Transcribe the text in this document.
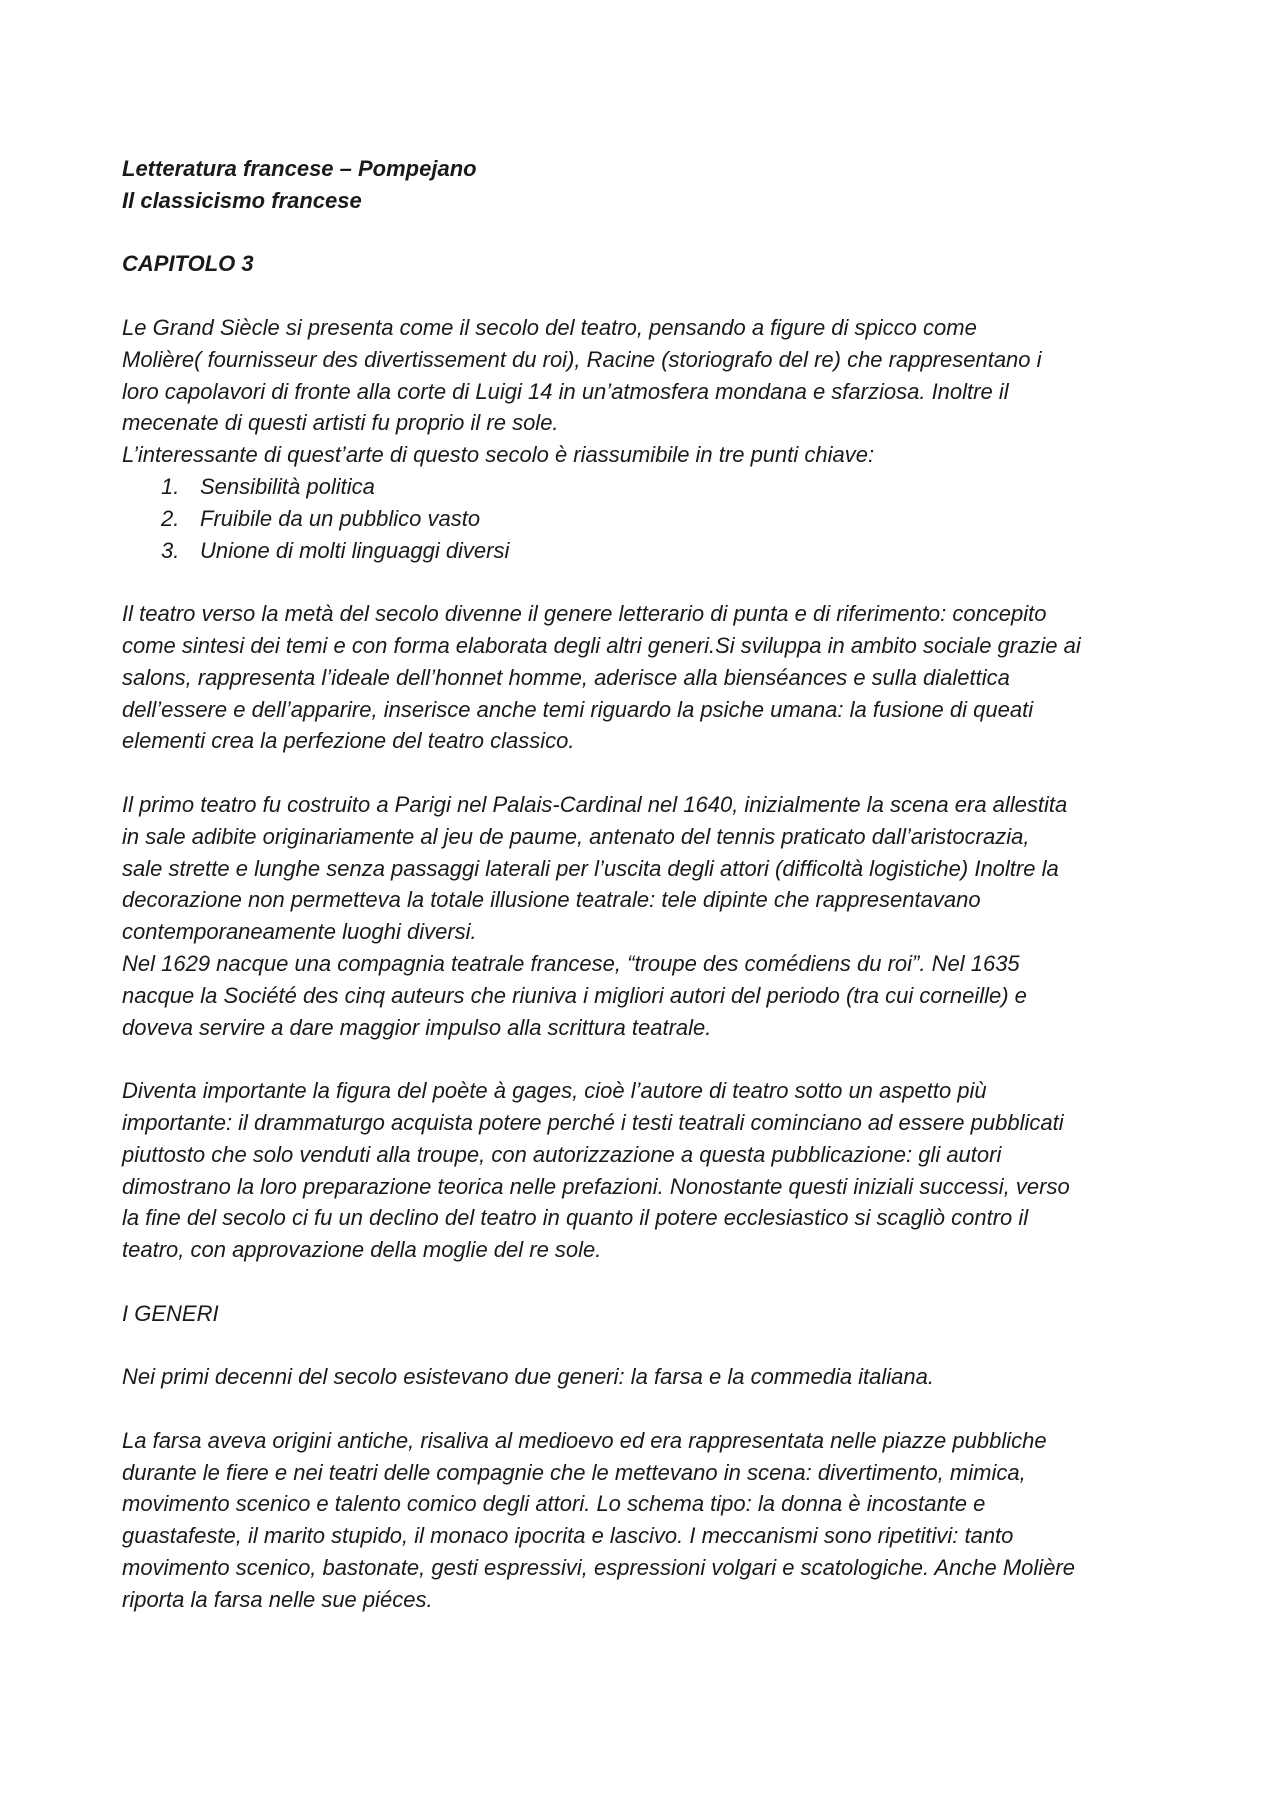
Letteratura francese – Pompejano
Il classicismo francese
CAPITOLO 3
Le Grand Siècle si presenta come il secolo del teatro, pensando a figure di spicco come
Molière( fournisseur des divertissement du roi), Racine (storiografo del re) che rappresentano i
loro capolavori di fronte alla corte di Luigi 14 in un’atmosfera mondana e sfarziosa. Inoltre il
mecenate di questi artisti fu proprio il re sole.
L’interessante di quest’arte di questo secolo è riassumibile in tre punti chiave:
1. Sensibilità politica
2. Fruibile da un pubblico vasto
3. Unione di molti linguaggi diversi
Il teatro verso la metà del secolo divenne il genere letterario di punta e di riferimento: concepito
come sintesi dei temi e con forma elaborata degli altri generi.Si sviluppa in ambito sociale grazie ai
salons, rappresenta l’ideale dell’honnet homme, aderisce alla bienséances e sulla dialettica
dell’essere e dell’apparire, inserisce anche temi riguardo la psiche umana: la fusione di queati
elementi crea la perfezione del teatro classico.
Il primo teatro fu costruito a Parigi nel Palais-Cardinal nel 1640, inizialmente la scena era allestita
in sale adibite originariamente al jeu de paume, antenato del tennis praticato dall’aristocrazia,
sale strette e lunghe senza passaggi laterali per l’uscita degli attori (difficoltà logistiche) Inoltre la
decorazione non permetteva la totale illusione teatrale: tele dipinte che rappresentavano
contemporaneamente luoghi diversi.
Nel 1629 nacque una compagnia teatrale francese, “troupe des comédiens du roi”. Nel 1635
nacque la Société des cinq auteurs che riuniva i migliori autori del periodo (tra cui corneille) e
doveva servire a dare maggior impulso alla scrittura teatrale.
Diventa importante la figura del poète à gages, cioè l’autore di teatro sotto un aspetto più
importante: il drammaturgo acquista potere perché i testi teatrali cominciano ad essere pubblicati
piuttosto che solo venduti alla troupe, con autorizzazione a questa pubblicazione: gli autori
dimostrano la loro preparazione teorica nelle prefazioni. Nonostante questi iniziali successi, verso
la fine del secolo ci fu un declino del teatro in quanto il potere ecclesiastico si scagliò contro il
teatro, con approvazione della moglie del re sole.
I GENERI
Nei primi decenni del secolo esistevano due generi: la farsa e la commedia italiana.
La farsa aveva origini antiche, risaliva al medioevo ed era rappresentata nelle piazze pubbliche
durante le fiere e nei teatri delle compagnie che le mettevano in scena: divertimento, mimica,
movimento scenico e talento comico degli attori. Lo schema tipo: la donna è incostante e
guastafeste, il marito stupido, il monaco ipocrita e lascivo. I meccanismi sono ripetitivi: tanto
movimento scenico, bastonate, gesti espressivi, espressioni volgari e scatologiche. Anche Molière
riporta la farsa nelle sue piéces.
